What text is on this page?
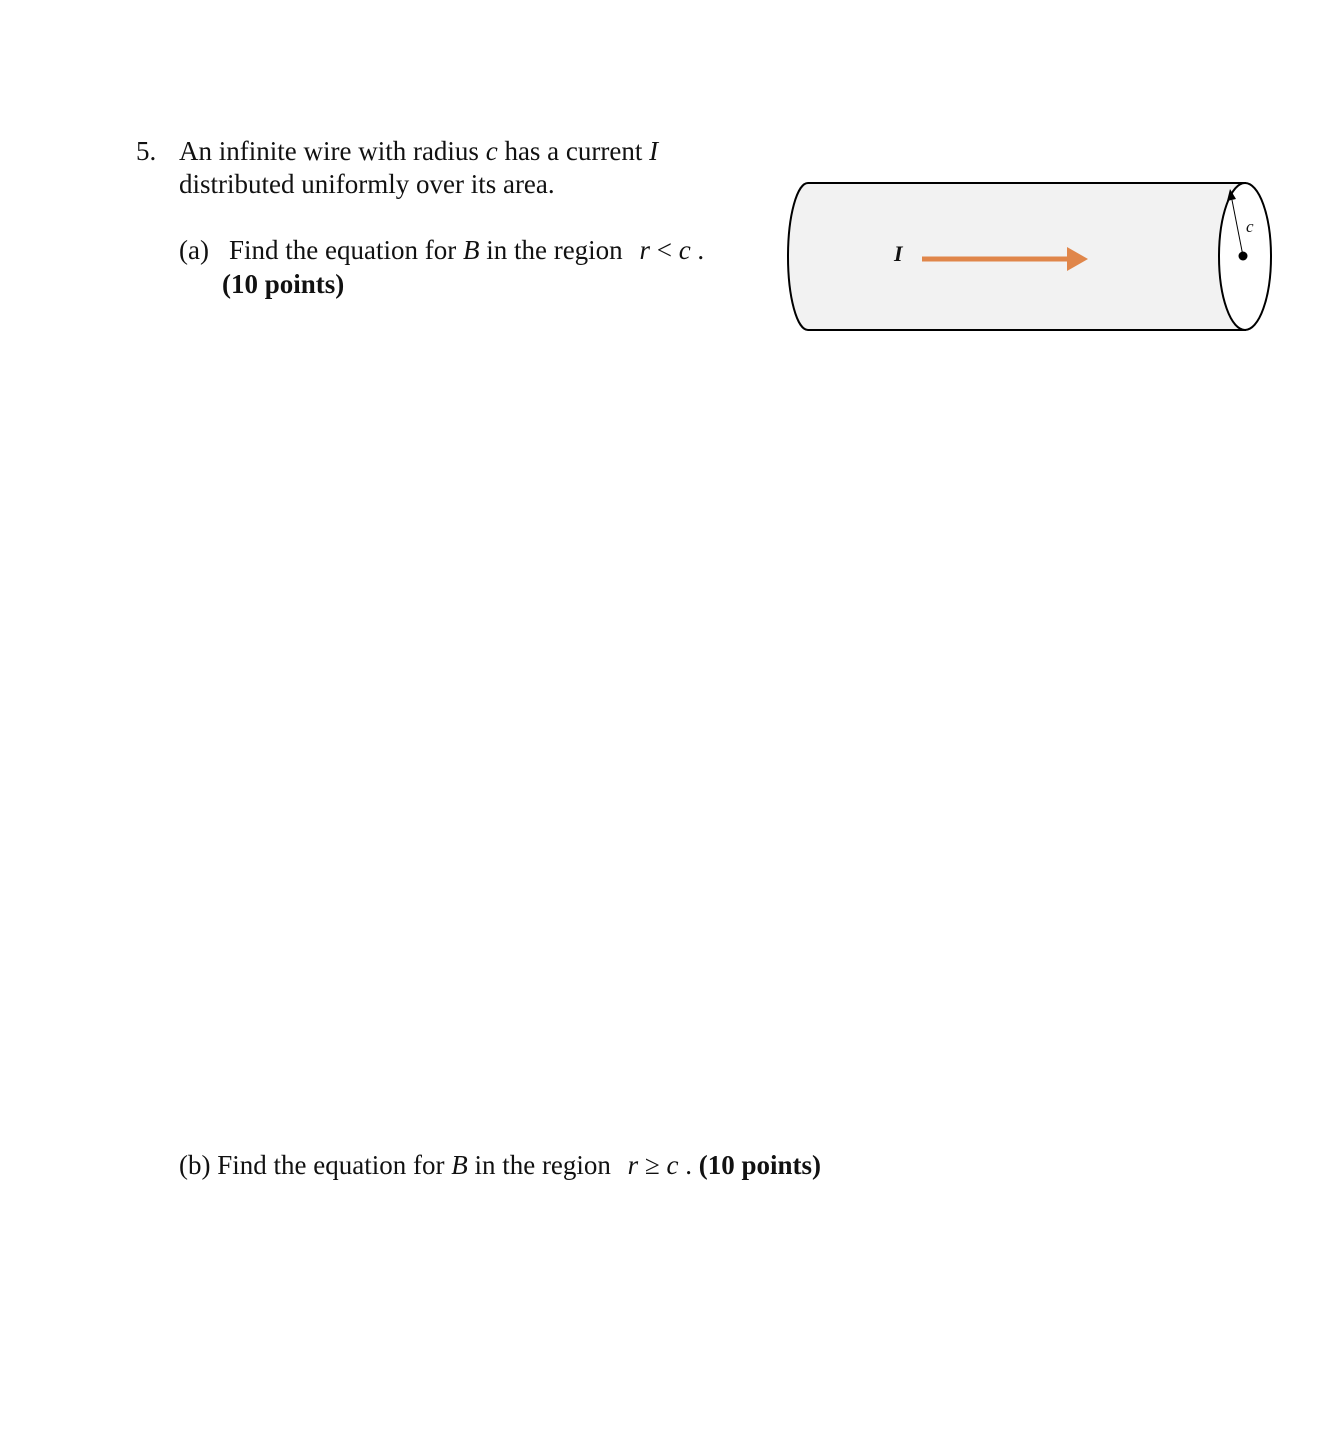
5. An infinite wire with radius c has a current I
distributed uniformly over its area.
(a) Find the equation for B in the region r < c .
(10 points)
(b) Find the equation for B in the region r ≥ c . (10 points)
c
I
